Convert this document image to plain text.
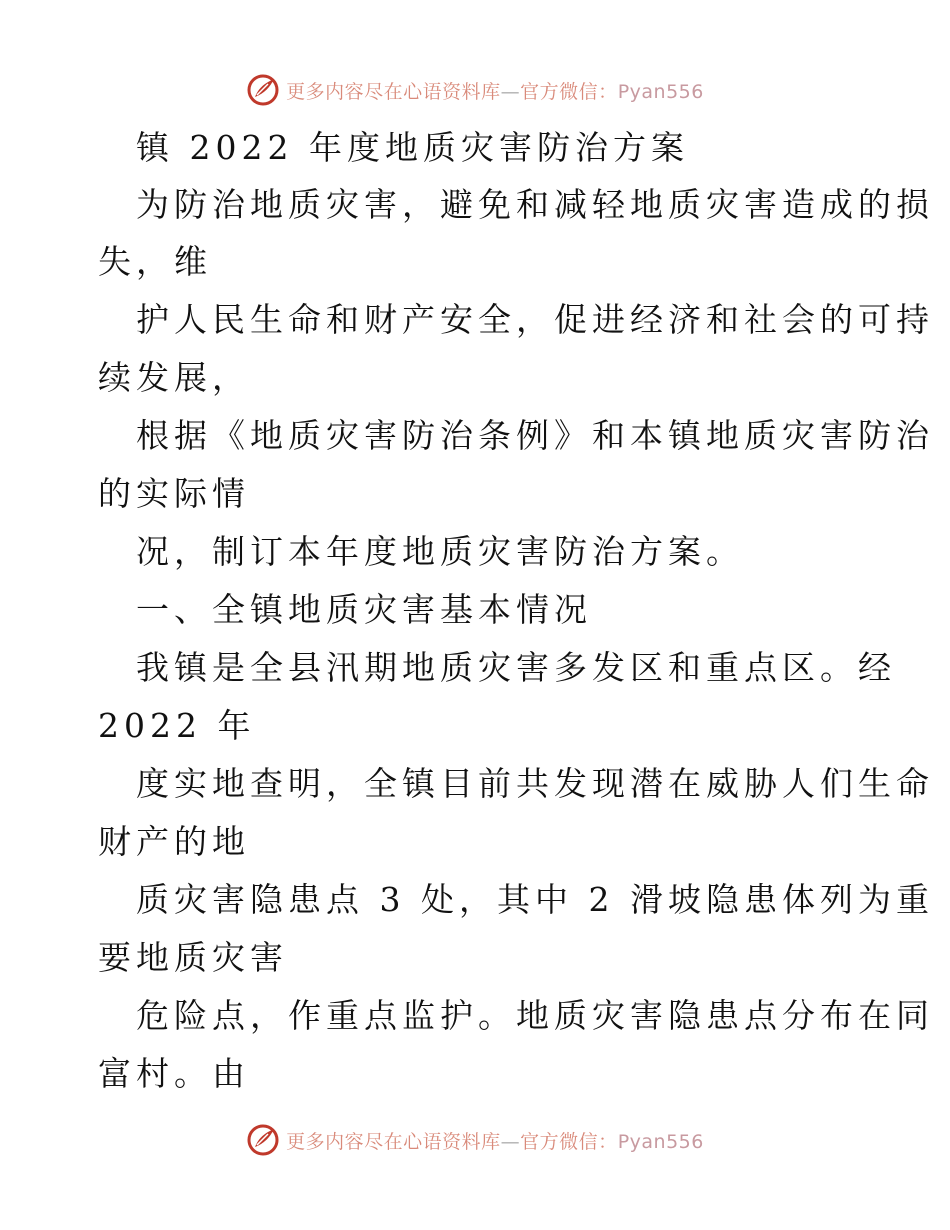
更多内容尽在心语资料库—官方微信：Pyan556
镇 2022 年度地质灾害防治方案
为防治地质灾害，避免和减轻地质灾害造成的损
失，维
护人民生命和财产安全，促进经济和社会的可持
续发展，
根据《地质灾害防治条例》和本镇地质灾害防治
的实际情
况，制订本年度地质灾害防治方案。
一、全镇地质灾害基本情况
我镇是全县汛期地质灾害多发区和重点区。经
2022 年
度实地查明，全镇目前共发现潜在威胁人们生命
财产的地
质灾害隐患点 3 处，其中 2 滑坡隐患体列为重
要地质灾害
危险点，作重点监护。地质灾害隐患点分布在同
富村。由
更多内容尽在心语资料库—官方微信：Pyan556
